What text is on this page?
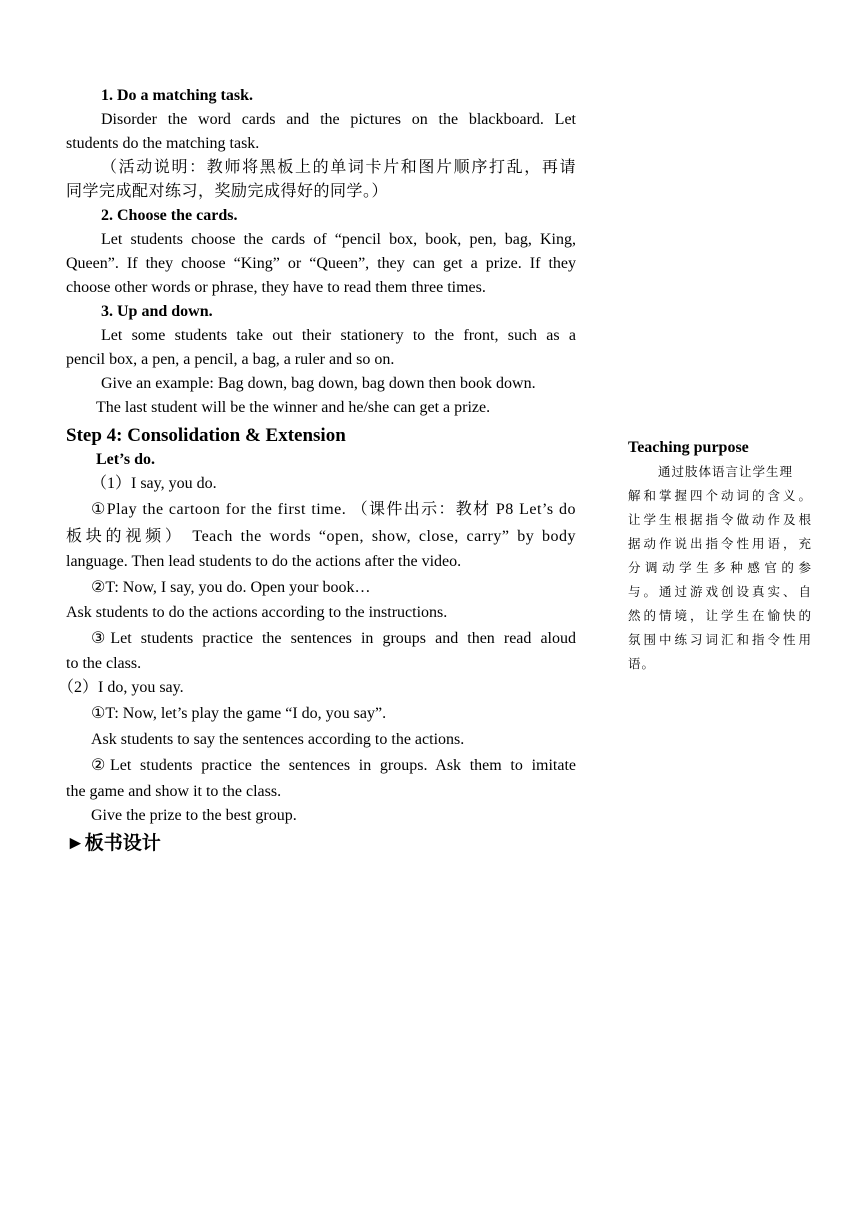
1. Do a matching task.
Disorder the word cards and the pictures on the blackboard. Let
students do the matching task.
（活动说明：教师将黑板上的单词卡片和图片顺序打乱，再请
同学完成配对练习，奖励完成得好的同学。）
2. Choose the cards.
Let students choose the cards of “pencil box, book, pen, bag, King,
Queen”. If they choose “King” or “Queen”, they can get a prize. If they
choose other words or phrase, they have to read them three times.
3. Up and down.
Let some students take out their stationery to the front, such as a
pencil box, a pen, a pencil, a bag, a ruler and so on.
Give an example: Bag down, bag down, bag down then book down.
The last student will be the winner and he/she can get a prize.
Step 4: Consolidation & Extension
Let’s do.
（1）I say, you do.
①Play the cartoon for the first time. （课件出示：教材 P8 Let’s do
板块的视频） Teach the words “open, show, close, carry” by body
language. Then lead students to do the actions after the video.
②T: Now, I say, you do. Open your book…
Ask students to do the actions according to the instructions.
③Let students practice the sentences in groups and then read aloud
to the class.
（2）I do, you say.
①T: Now, let’s play the game “I do, you say”.
Ask students to say the sentences according to the actions.
②Let students practice the sentences in groups. Ask them to imitate
the game and show it to the class.
Give the prize to the best group.
►板书设计
Teaching purpose
通过肢体语言让学生理
解和掌握四个动词的含义。
让学生根据指令做动作及根
据动作说出指令性用语，充
分调动学生多种感官的参
与。通过游戏创设真实、自
然的情境，让学生在愉快的
氛围中练习词汇和指令性用
语。
